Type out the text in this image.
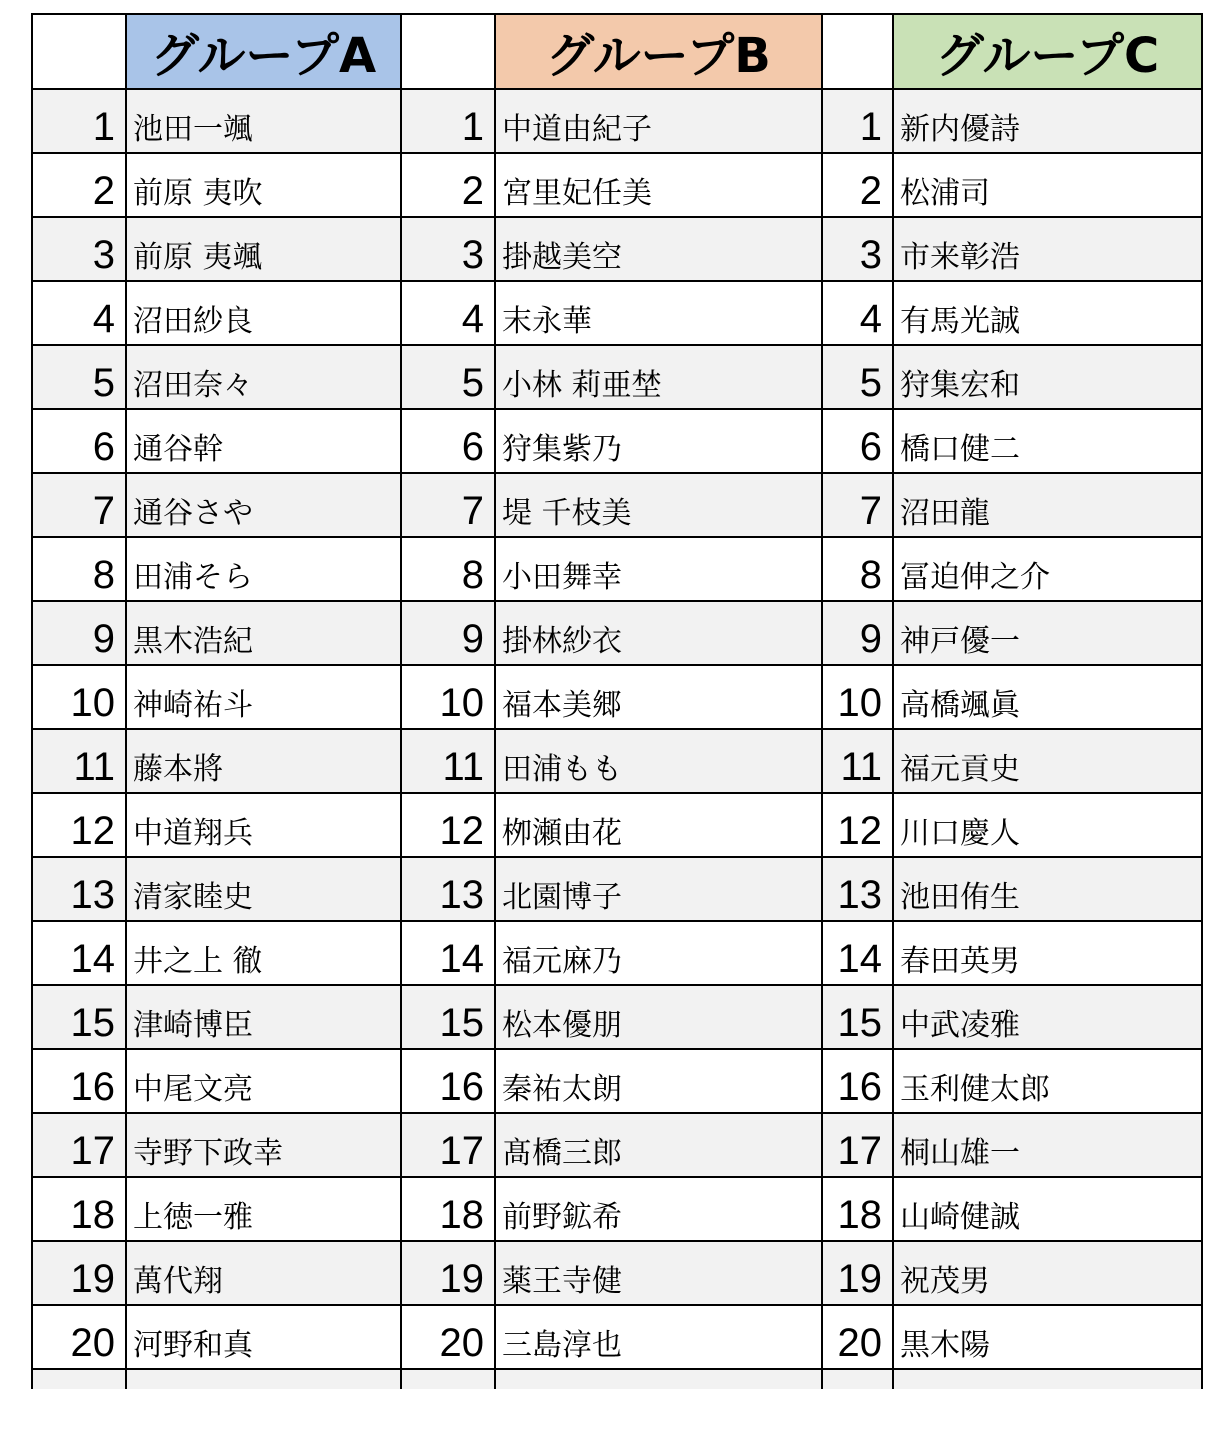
	グループA		グループB		グループC
1	池田一颯	1	中道由紀子	1	新内優詩
2	前原 夷吹	2	宮里妃任美	2	松浦司
3	前原 夷颯	3	掛越美空	3	市来彰浩
4	沼田紗良	4	末永華	4	有馬光誠
5	沼田奈々	5	小林 莉亜埜	5	狩集宏和
6	通谷幹	6	狩集紫乃	6	橋口健二
7	通谷さや	7	堤 千枝美	7	沼田龍
8	田浦そら	8	小田舞幸	8	冨迫伸之介
9	黒木浩紀	9	掛林紗衣	9	神戸優一
10	神崎祐斗	10	福本美郷	10	高橋颯眞
11	藤本將	11	田浦もも	11	福元貢史
12	中道翔兵	12	栁瀬由花	12	川口慶人
13	清家睦史	13	北園博子	13	池田侑生
14	井之上 徹	14	福元麻乃	14	春田英男
15	津崎博臣	15	松本優朋	15	中武凌雅
16	中尾文亮	16	秦祐太朗	16	玉利健太郎
17	寺野下政幸	17	髙橋三郎	17	桐山雄一
18	上徳一雅	18	前野鉱希	18	山崎健誠
19	萬代翔	19	薬王寺健	19	祝茂男
20	河野和真	20	三島淳也	20	黒木陽
